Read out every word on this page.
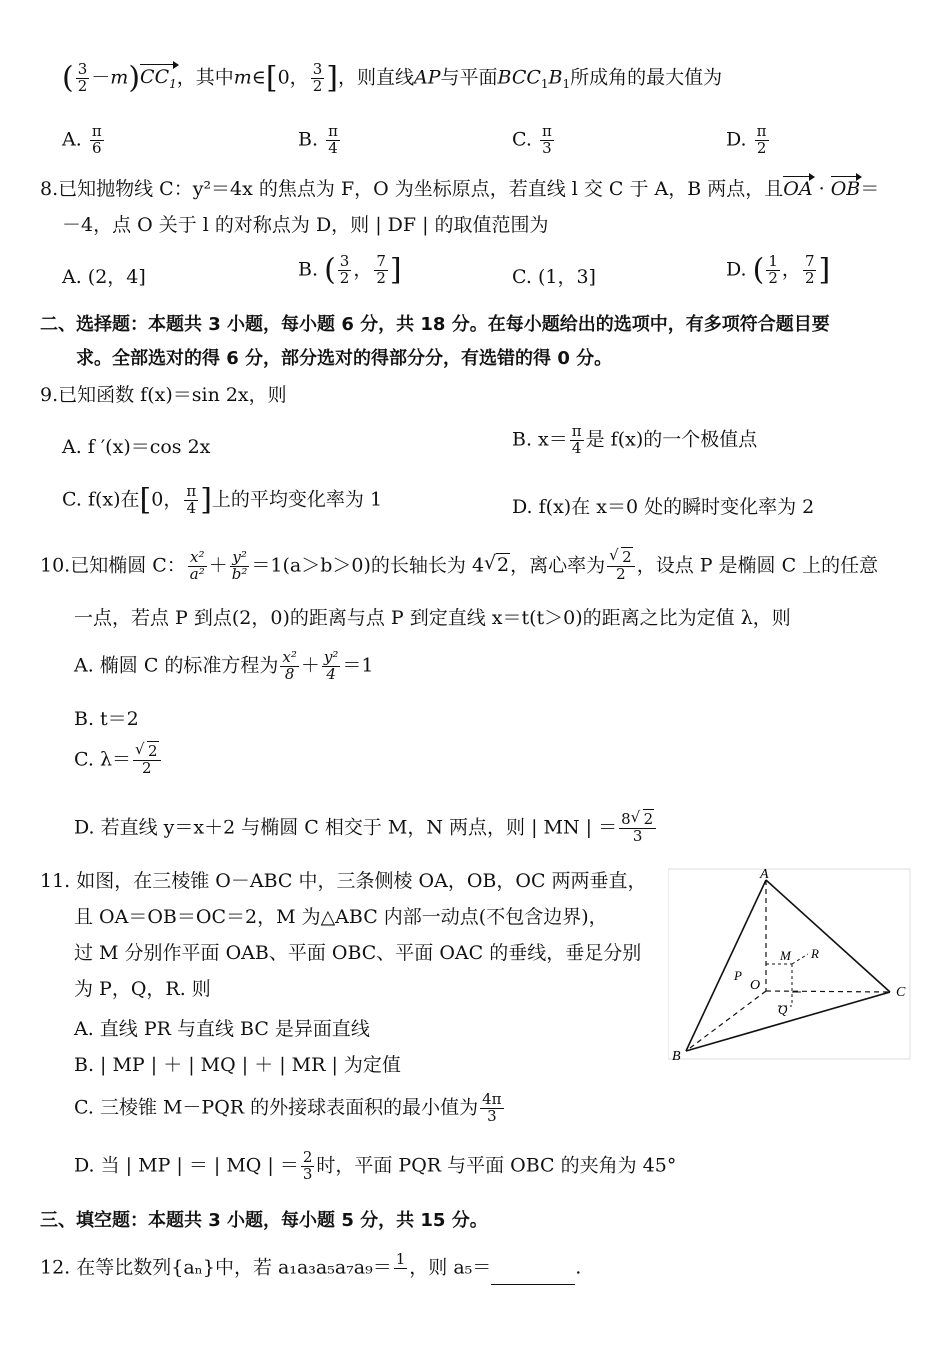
( $\frac{3}{2} -m)CC_1$，其中m∈[0， $\frac{3}{2}$ ]，则直线AP与平面$BCC_1B_1$所成角的最大值为
A. $\frac{\pi}{6}$	B. $\frac{\pi}{4}$	C. $\frac{\pi}{3}$	D. $\frac{\pi}{2}$
8.已知抛物线 C：y²＝4x 的焦点为 F，O 为坐标原点，若直线 l 交 C 于 A，B 两点，且OA · OB＝
－4，点 O 关于 l 的对称点为 D，则 | DF | 的取值范围为
A. (2，4]	B. ( $\frac{3}{2}$ ， $\frac{7}{2}$ ]	C. (1，3]	D. ( $\frac{1}{2}$ ， $\frac{7}{2}$ ]
二、选择题：本题共 3 小题，每小题 6 分，共 18 分。在每小题给出的选项中，有多项符合题目要
求。全部选对的得 6 分，部分选对的得部分分，有选错的得 0 分。
9.已知函数 f(x)＝sin 2x，则
A. f ′(x)＝cos 2x	B. $x= \frac{\pi}{4}$ 是 f(x)的一个极值点
C. f(x)在[0， $\frac{\pi}{4}$ ]上的平均变化率为 1	D. f(x)在 x＝0 处的瞬时变化率为 2
10.已知椭圆 C： $\frac{\text{x²}}{\text{a²}} + \frac{\text{y²}}{\text{b²}} =1(a>b>0)$的长轴长为 4 √ 2，离心率为 √ $\frac{2}{2}$ ，设点 P 是椭圆 C 上的任意
一点，若点 P 到点(2，0)的距离与点 P 到定直线 x＝t(t＞0)的距离之比为定值 λ，则
A. 椭圆 C 的标准方程为 $\frac{\text{x²}}{8} + \frac{\text{y²}}{4} =1$
B. t＝2
C. λ＝ √ $\frac{2}{2}$
D. 若直线 y＝x＋2 与椭圆 C 相交于 M，N 两点，则 | MN | ＝ $\frac{8 √ 2}{3}$
11. 如图，在三棱锥 O－ABC 中，三条侧棱 OA，OB，OC 两两垂直，
且 OA＝OB＝OC＝2，M 为△ABC 内部一动点(不包含边界)，
过 M 分别作平面 OAB、平面 OBC、平面 OAC 的垂线，垂足分别
为 P，Q，R. 则
A. 直线 PR 与直线 BC 是异面直线
B. | MP | ＋ | MQ | ＋ | MR | 为定值
C. 三棱锥 M－PQR 的外接球表面积的最小值为 $\frac{4\pi}{3}$
D. 当 | MP | ＝ | MQ | ＝ $\frac{2}{3}$ 时，平面 PQR 与平面 OBC 的夹角为 45°
A
B
C
O
M
P
Q
R
三、填空题：本题共 3 小题，每小题 5 分，共 15 分。
12. 在等比数列{aₙ}中，若 a₁a₃a₅a₇a₉＝ 1
，则 a₅＝	.
